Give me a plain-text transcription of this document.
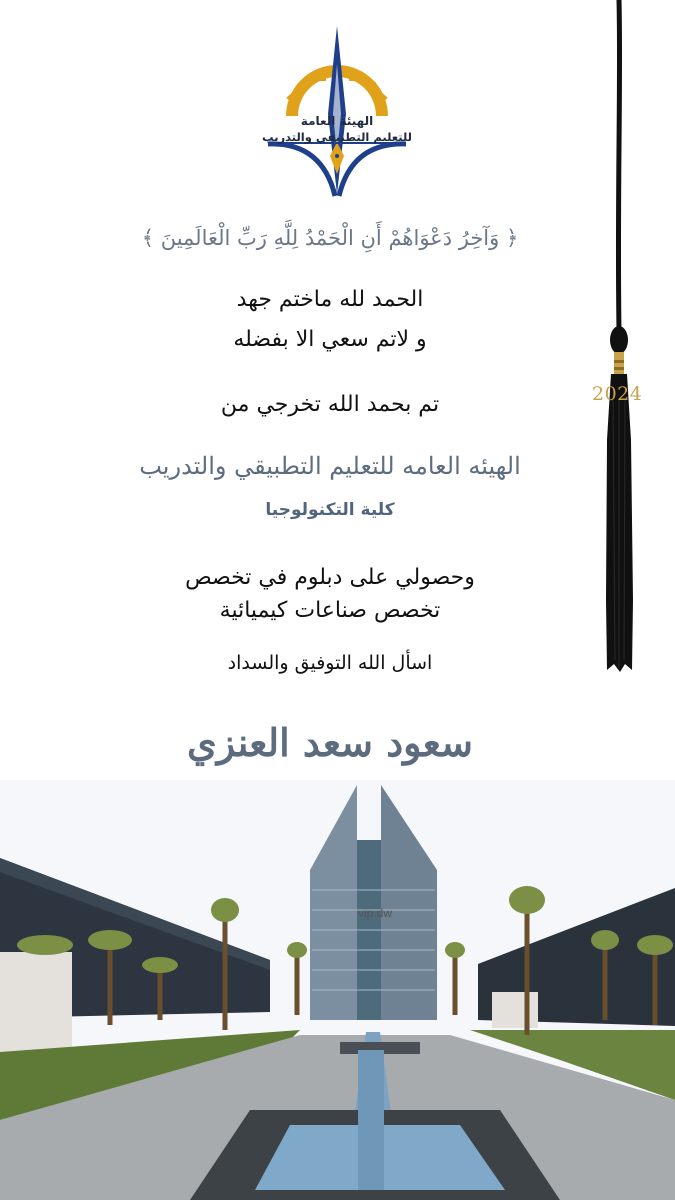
الهيئة العامة
للتعليم التطبيقي والتدريب
2024
﴿ وَآخِرُ دَعْوَاهُمْ أَنِ الْحَمْدُ لِلَّهِ رَبِّ الْعَالَمِينَ ﴾
الحمد لله ماختم جهد
و لاتم سعي الا بفضله
تم بحمد الله تخرجي من
الهيئه العامه للتعليم التطبيقي والتدريب
كلية التكنولوجيا
وحصولي على دبلوم في تخصص
تخصص صناعات كيميائية
اسأل الله التوفيق والسداد
سعود سعد العنزي
vip.dw
